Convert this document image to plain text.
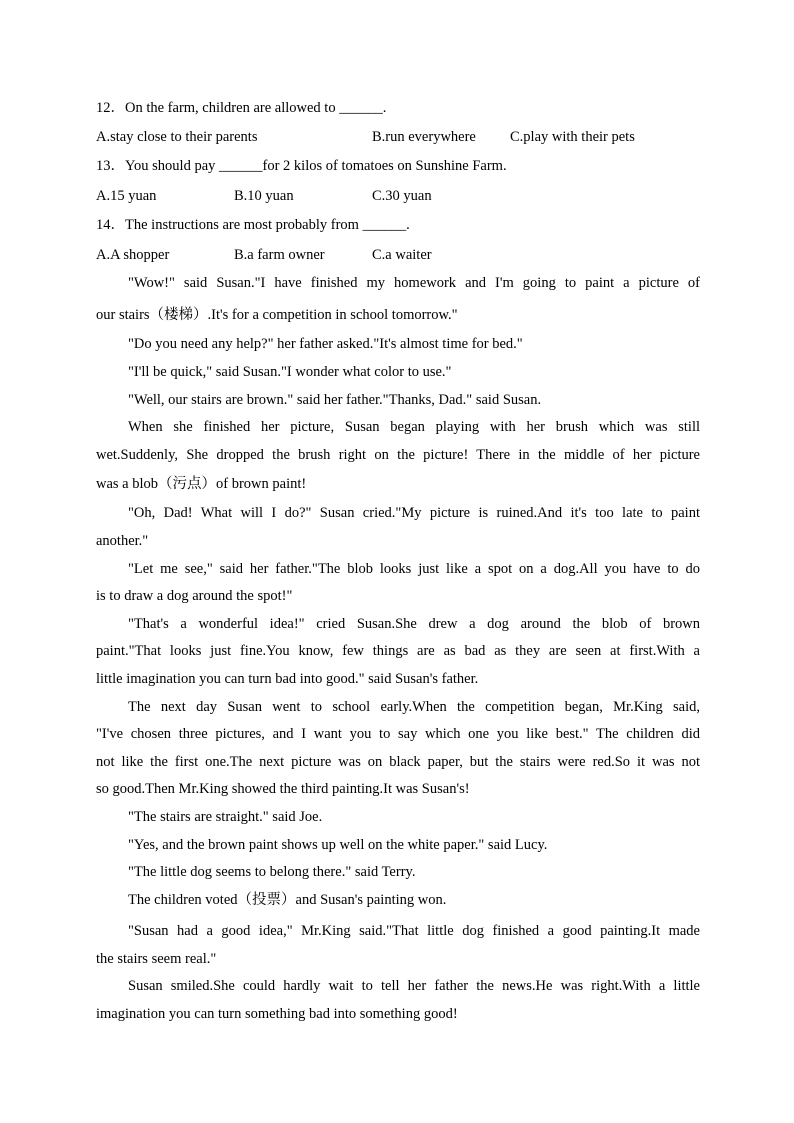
12．On the farm, children are allowed to ______.
A.stay close to their parents	B.run everywhere C.play with their pets
13．You should pay ______for 2 kilos of tomatoes on Sunshine Farm.
A.15 yuan	B.10 yuan	C.30 yuan
14．The instructions are most probably from ______.
A.A shopper	B.a farm owner	C.a waiter
"Wow!" said Susan."I have finished my homework and I'm going to paint a picture of
our stairs（楼梯）.It's for a competition in school tomorrow."
"Do you need any help?" her father asked."It's almost time for bed."
"I'll be quick," said Susan."I wonder what color to use."
"Well, our stairs are brown." said her father."Thanks, Dad." said Susan.
When she finished her picture, Susan began playing with her brush which was still
wet.Suddenly, She dropped the brush right on the picture! There in the middle of her picture
was a blob（污点）of brown paint!
"Oh, Dad! What will I do?" Susan cried."My picture is ruined.And it's too late to paint
another."
"Let me see," said her father."The blob looks just like a spot on a dog.All you have to do
is to draw a dog around the spot!"
"That's a wonderful idea!" cried Susan.She drew a dog around the blob of brown
paint."That looks just fine.You know, few things are as bad as they are seen at first.With a
little imagination you can turn bad into good." said Susan's father.
The next day Susan went to school early.When the competition began, Mr.King said,
"I've chosen three pictures, and I want you to say which one you like best." The children did
not like the first one.The next picture was on black paper, but the stairs were red.So it was not
so good.Then Mr.King showed the third painting.It was Susan's!
"The stairs are straight." said Joe.
"Yes, and the brown paint shows up well on the white paper." said Lucy.
"The little dog seems to belong there." said Terry.
The children voted（投票）and Susan's painting won.
"Susan had a good idea," Mr.King said."That little dog finished a good painting.It made
the stairs seem real."
Susan smiled.She could hardly wait to tell her father the news.He was right.With a little
imagination you can turn something bad into something good!
